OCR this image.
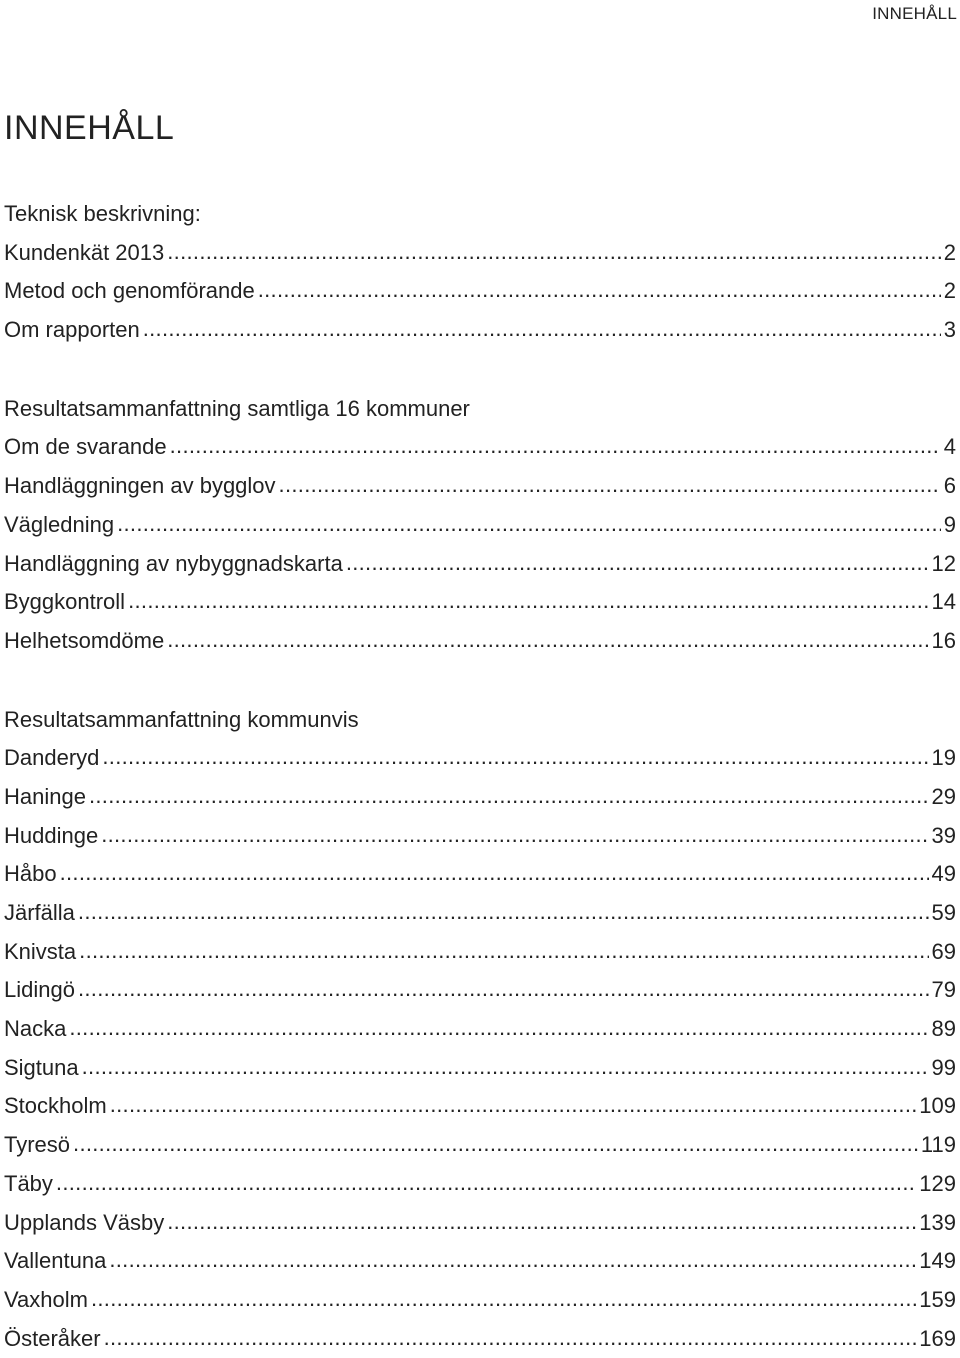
INNEHÅLL
INNEHÅLL
Teknisk beskrivning:
Kundenkät 2013 .....	2
Metod och genomförande .....	2
Om rapporten .....	3
Resultatsammanfattning samtliga 16 kommuner
Om de svarande .....	4
Handläggningen av bygglov .....	6
Vägledning .....	9
Handläggning av nybyggnadskarta .....	12
Byggkontroll .....	14
Helhetsomdöme .....	16
Resultatsammanfattning kommunvis
Danderyd .....	19
Haninge .....	29
Huddinge .....	39
Håbo .....	49
Järfälla .....	59
Knivsta .....	69
Lidingö .....	79
Nacka .....	89
Sigtuna .....	99
Stockholm .....	109
Tyresö .....	119
Täby .....	129
Upplands Väsby .....	139
Vallentuna .....	149
Vaxholm .....	159
Österåker .....	169
